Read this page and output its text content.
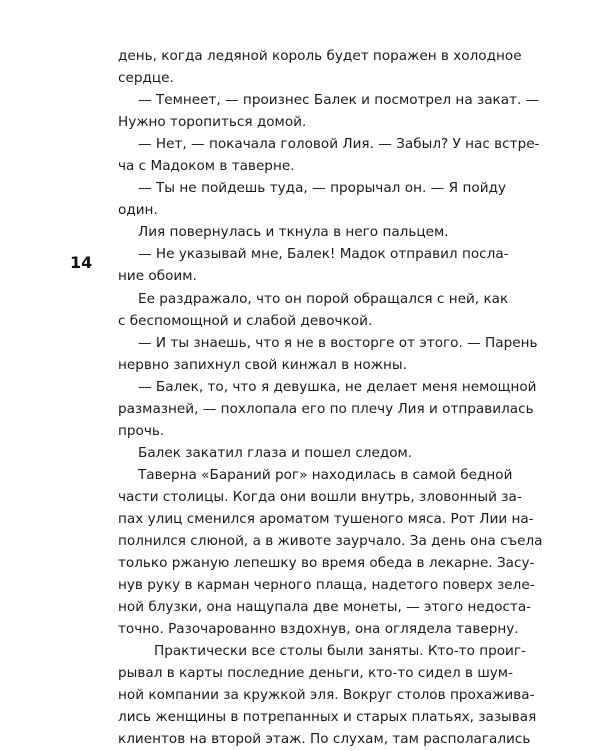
14
день, когда ледяной король будет поражен в холодное
сердце.
— Темнеет, — произнес Балек и посмотрел на закат. —
Нужно торопиться домой.
— Нет, — покачала головой Лия. — Забыл? У нас встре-
ча с Мадоком в таверне.
— Ты не пойдешь туда, — прорычал он. — Я пойду
один.
Лия повернулась и ткнула в него пальцем.
— Не указывай мне, Балек! Мадок отправил посла-
ние обоим.
Ее раздражало, что он порой обращался с ней, как
с беспомощной и слабой девочкой.
— И ты знаешь, что я не в восторге от этого. — Парень
нервно запихнул свой кинжал в ножны.
— Балек, то, что я девушка, не делает меня немощной
размазней, — похлопала его по плечу Лия и отправилась
прочь.
Балек закатил глаза и пошел следом.
Таверна «Бараний рог» находилась в самой бедной
части столицы. Когда они вошли внутрь, зловонный за-
пах улиц сменился ароматом тушеного мяса. Рот Лии на-
полнился слюной, а в животе заурчало. За день она съела
только ржаную лепешку во время обеда в лекарне. Засу-
нув руку в карман черного плаща, надетого поверх зеле-
ной блузки, она нащупала две монеты, — этого недоста-
точно. Разочарованно вздохнув, она оглядела таверну.
Практически все столы были заняты. Кто-то проиг-
рывал в карты последние деньги, кто-то сидел в шум-
ной компании за кружкой эля. Вокруг столов прохажива-
лись женщины в потрепанных и старых платьях, зазывая
клиентов на второй этаж. По слухам, там располагались
